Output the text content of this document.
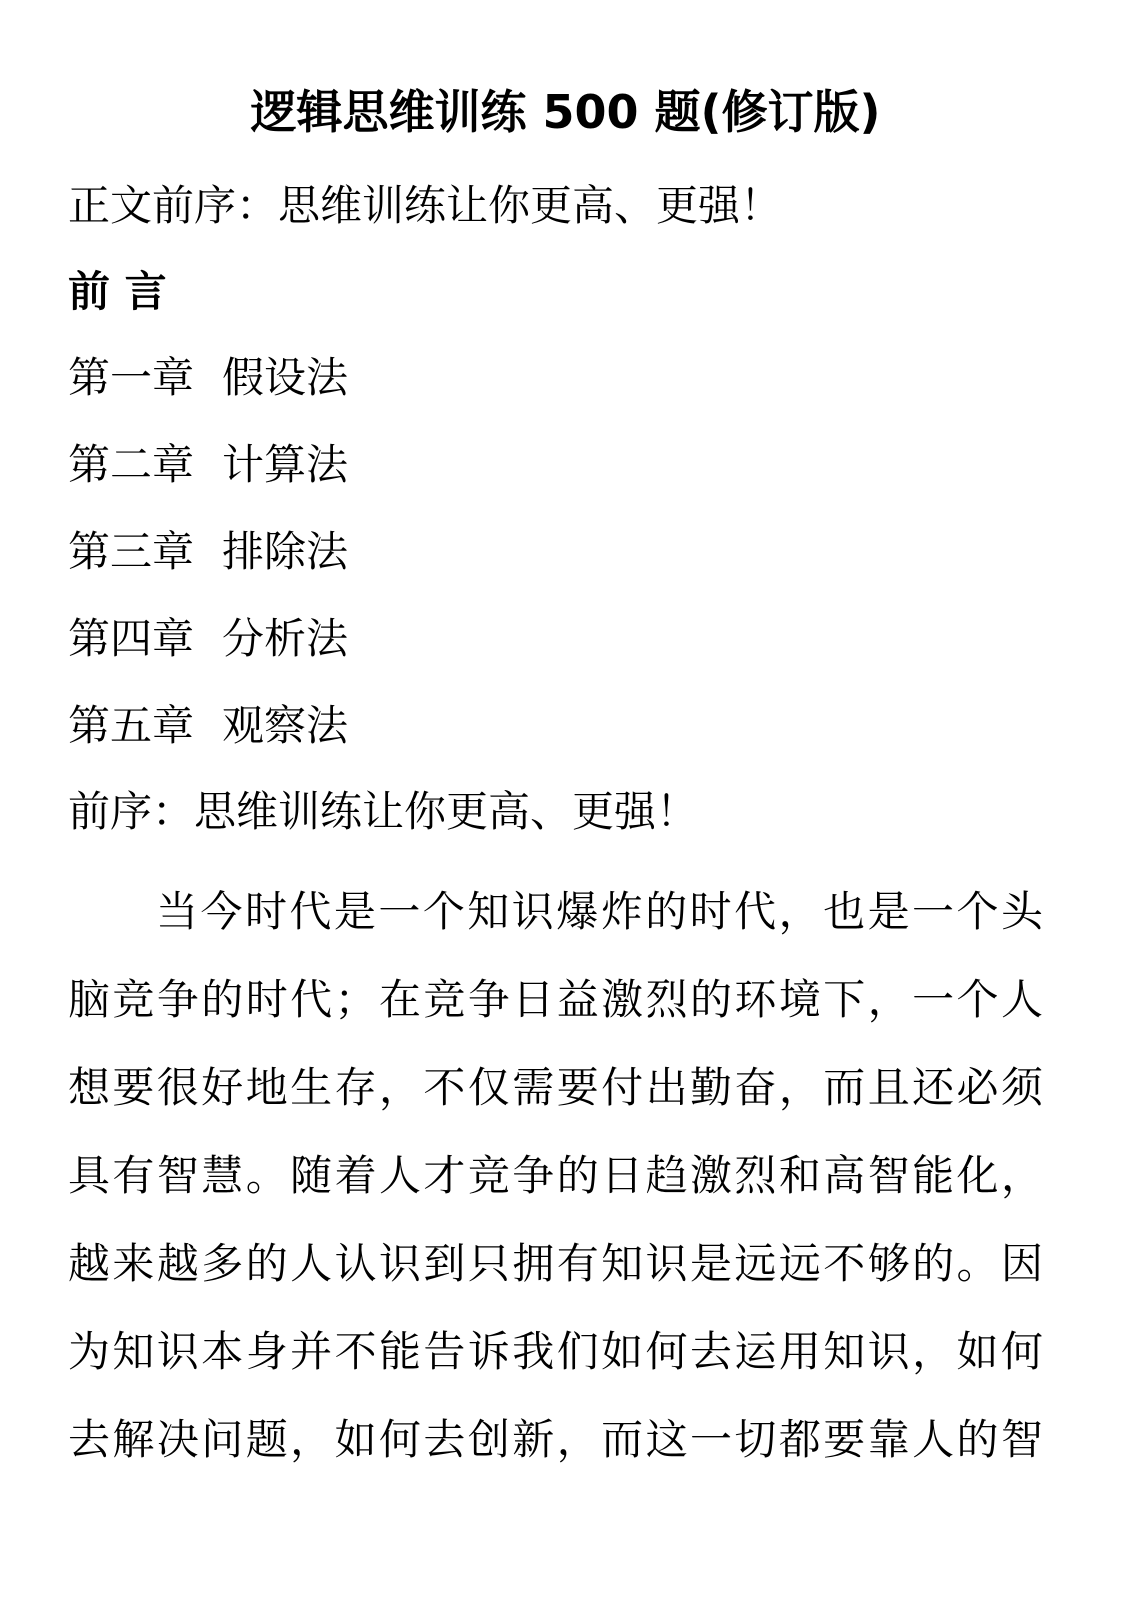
逻辑思维训练 500 题(修订版)
正文前序：思维训练让你更高、更强！
前 言
第一章 假设法
第二章 计算法
第三章 排除法
第四章 分析法
第五章 观察法
前序：思维训练让你更高、更强！
当今时代是一个知识爆炸的时代，也是一个头
脑竞争的时代；在竞争日益激烈的环境下，一个人
想要很好地生存，不仅需要付出勤奋，而且还必须
具有智慧。随着人才竞争的日趋激烈和高智能化，
越来越多的人认识到只拥有知识是远远不够的。因
为知识本身并不能告诉我们如何去运用知识，如何
去解决问题，如何去创新，而这一切都要靠人的智
